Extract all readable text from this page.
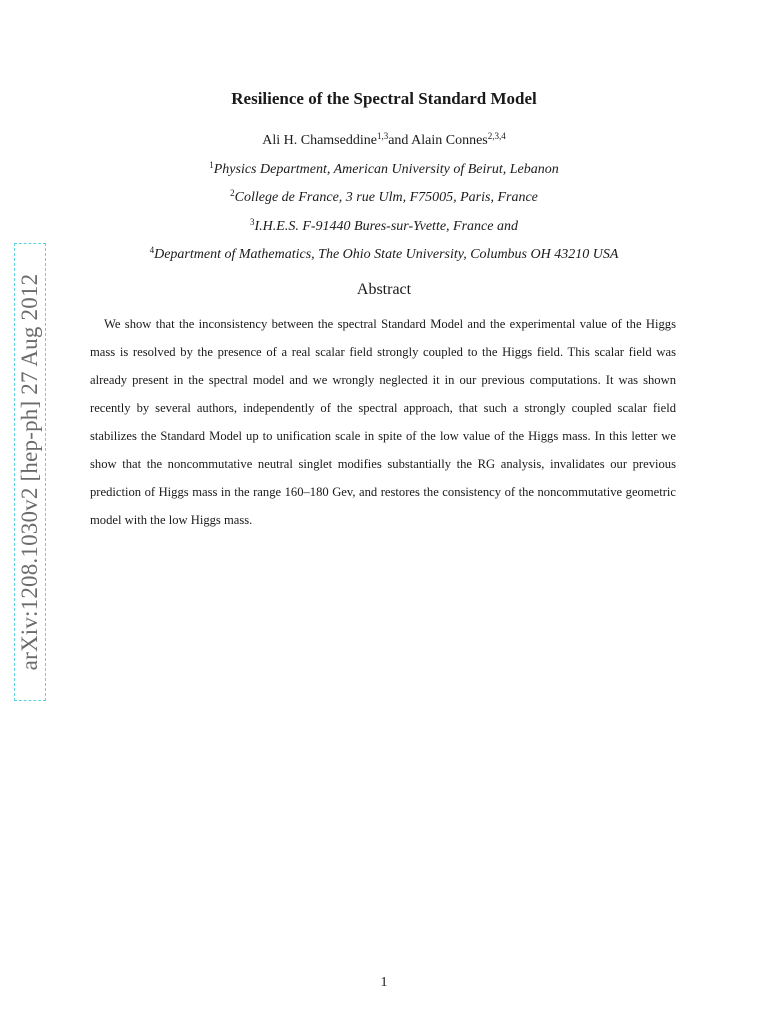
arXiv:1208.1030v2 [hep-ph] 27 Aug 2012
Resilience of the Spectral Standard Model
Ali H. Chamseddine$^{1,3}$and Alain Connes$^{2,3,4}$
$^1$Physics Department, American University of Beirut, Lebanon
$^2$College de France, 3 rue Ulm, F75005, Paris, France
$^3$I.H.E.S. F-91440 Bures-sur-Yvette, France and
$^4$Department of Mathematics, The Ohio State University, Columbus OH 43210 USA
Abstract

We show that the inconsistency between the spectral Standard Model and the experimental value of the Higgs mass is resolved by the presence of a real scalar field strongly coupled to the Higgs field. This scalar field was already present in the spectral model and we wrongly neglected it in our previous computations. It was shown recently by several authors, independently of the spectral approach, that such a strongly coupled scalar field stabilizes the Standard Model up to unification scale in spite of the low value of the Higgs mass. In this letter we show that the noncommutative neutral singlet modifies substantially the RG analysis, invalidates our previous prediction of Higgs mass in the range 160–180 Gev, and restores the consistency of the noncommutative geometric model with the low Higgs mass.

1
